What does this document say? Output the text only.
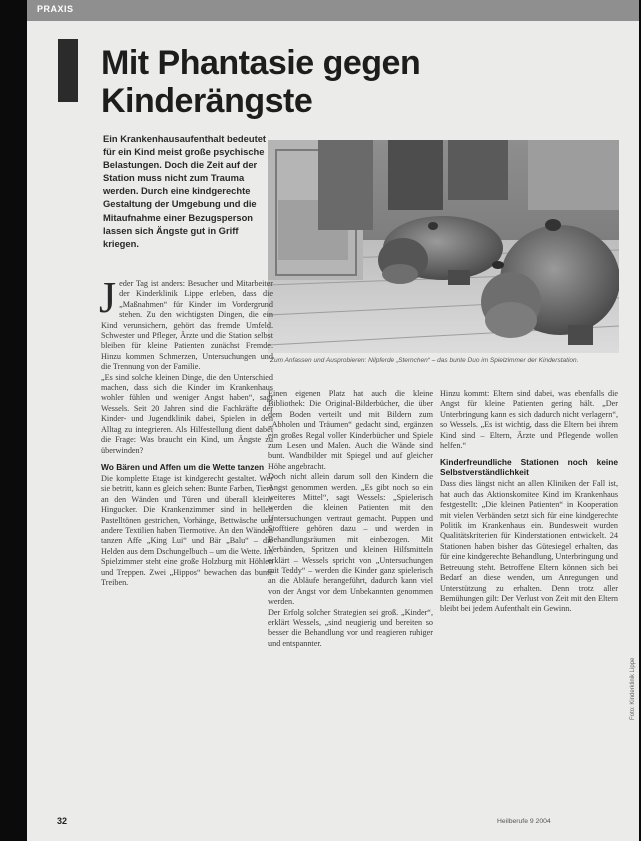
PRAXIS
Mit Phantasie gegen Kinderängste
Ein Krankenhausaufenthalt bedeutet für ein Kind meist große psychische Belastungen. Doch die Zeit auf der Station muss nicht zum Trauma werden. Durch eine kindgerechte Gestaltung der Umgebung und die Mitaufnahme einer Bezugsperson lassen sich Ängste gut in Griff kriegen.
Zum Anfassen und Ausprobieren: Nilpferde „Sternchen“ – das bunte Duo im Spielzimmer der Kinderstation.
J eder Tag ist anders: Besucher und Mitarbeiter der Kinderklinik Lippe erleben, dass die „Maßnahmen“ für Kinder im Vordergrund stehen. Zu den wichtigsten Dingen, die ein Kind verunsichern, gehört das fremde Umfeld. Schwester und Pfleger, Ärzte und die Station selbst bleiben für kleine Patienten zunächst Fremde. Hinzu kommen Schmerzen, Untersuchungen und die Trennung von der Familie.

„Es sind solche kleinen Dinge, die den Unterschied machen, dass sich die Kinder im Krankenhaus wohler fühlen und weniger Angst haben“, sagt Wessels. Seit 20 Jahren sind die Fachkräfte der Kinder- und Jugendklinik dabei, Spielen in den Alltag zu integrieren. Als Hilfestellung dient dabei die Frage: Was braucht ein Kind, um Ängste zu überwinden?

Wo Bären und Affen um die Wette tanzen

Die komplette Etage ist kindgerecht gestaltet. Wer sie betritt, kann es gleich sehen: Bunte Farben, Tiere an den Wänden und Türen und überall kleine Hingucker. Die Krankenzimmer sind in hellen Pastelltönen gestrichen, Vorhänge, Bettwäsche und andere Textilien haben Tiermotive. An den Wänden tanzen Affe „King Lui“ und Bär „Balu“ – die Helden aus dem Dschungelbuch – um die Wette. Im Spielzimmer steht eine große Holzburg mit Höhlen und Treppen. Zwei „Hippos“ bewachen das bunte Treiben.

Einen eigenen Platz hat auch die kleine Bibliothek: Die Original-Bilderbücher, die über dem Boden verteilt und mit Bildern zum „Abholen und Träumen“ gedacht sind, ergänzen ein großes Regal voller Kinderbücher und Spiele zum Lesen und Malen. Auch die Wände sind bunt. Wandbilder mit Spiegel und auf gleicher Höhe angebracht.

Doch nicht allein darum soll den Kindern die Angst genommen werden. „Es gibt noch so ein weiteres Mittel“, sagt Wessels: „Spielerisch werden die kleinen Patienten mit den Untersuchungen vertraut gemacht. Puppen und Stofftiere gehören dazu – und werden in Behandlungsräumen mit einbezogen. Mit Verbänden, Spritzen und kleinen Hilfsmitteln erklärt – Wessels spricht von „Untersuchungen mit Teddy“ – werden die Kinder ganz spielerisch an die Abläufe herangeführt, dadurch kann viel von der Angst vor dem Unbekannten genommen werden.

Der Erfolg solcher Strategien sei groß. „Kinder“, erklärt Wessels, „sind neugierig und bereiten so besser die Behandlung vor und reagieren ruhiger und entspannter.

Hinzu kommt: Eltern sind dabei, was ebenfalls die Angst für kleine Patienten gering hält. „Der Unterbringung kann es sich dadurch nicht verlagern“, so Wessels. „Es ist wichtig, dass die Eltern bei ihrem Kind sind – Eltern, Ärzte und Pflegende wollen helfen.“

Kinderfreundliche Stationen noch keine Selbstverständlichkeit

Dass dies längst nicht an allen Kliniken der Fall ist, hat auch das Aktionskomitee Kind im Krankenhaus festgestellt: „Die kleinen Patienten“ in Kooperation mit vielen Verbänden setzt sich für eine kindgerechte Politik im Krankenhaus ein. Bundesweit wurden Qualitätskriterien für Kinderstationen entwickelt. 24 Stationen haben bisher das Gütesiegel erhalten, das für eine kindgerechte Behandlung, Unterbringung und Betreuung steht. Betroffene Eltern können sich bei Bedarf an diese wenden, um Anregungen und Unterstützung zu erhalten. Denn trotz aller Bemühungen gilt: Der Verlust von Zeit mit den Eltern bleibt bei jedem Aufenthalt ein Gewinn.

Foto: Kinderklinik Lippe
32	Heilberufe 9 2004
